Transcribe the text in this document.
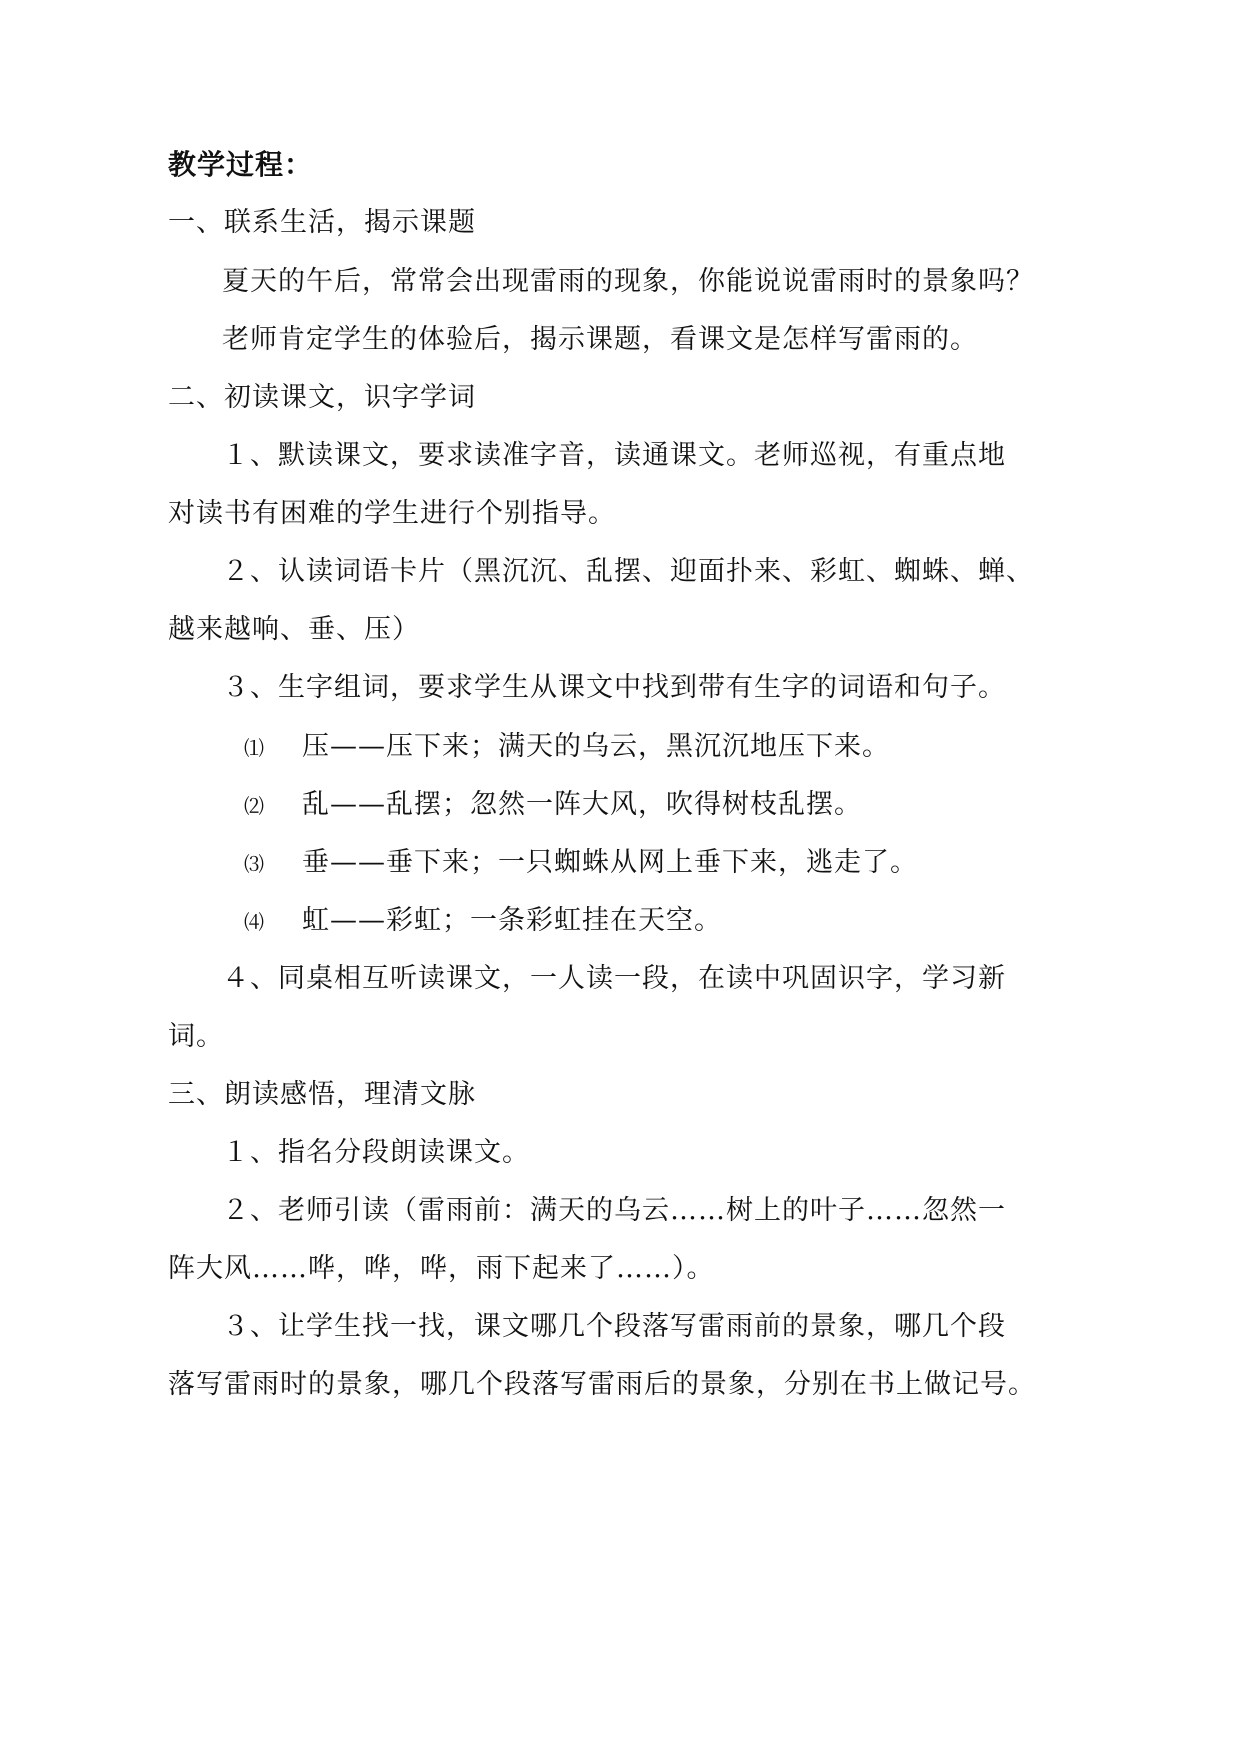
教学过程：
一、联系生活，揭示课题
夏天的午后，常常会出现雷雨的现象，你能说说雷雨时的景象吗？
老师肯定学生的体验后，揭示课题，看课文是怎样写雷雨的。
二、初读课文，识字学词
１、默读课文，要求读准字音，读通课文。老师巡视，有重点地
对读书有困难的学生进行个别指导。
２、认读词语卡片（黑沉沉、乱摆、迎面扑来、彩虹、蜘蛛、蝉、
越来越响、垂、压）
３、生字组词，要求学生从课文中找到带有生字的词语和句子。
⑴ 压——压下来；满天的乌云，黑沉沉地压下来。
⑵ 乱——乱摆；忽然一阵大风，吹得树枝乱摆。
⑶ 垂——垂下来；一只蜘蛛从网上垂下来，逃走了。
⑷ 虹——彩虹；一条彩虹挂在天空。
４、同桌相互听读课文，一人读一段，在读中巩固识字，学习新
词。
三、朗读感悟，理清文脉
１、指名分段朗读课文。
２、老师引读（雷雨前：满天的乌云……树上的叶子……忽然一
阵大风……哗，哗，哗，雨下起来了……）。
３、让学生找一找，课文哪几个段落写雷雨前的景象，哪几个段
落写雷雨时的景象，哪几个段落写雷雨后的景象，分别在书上做记号。
